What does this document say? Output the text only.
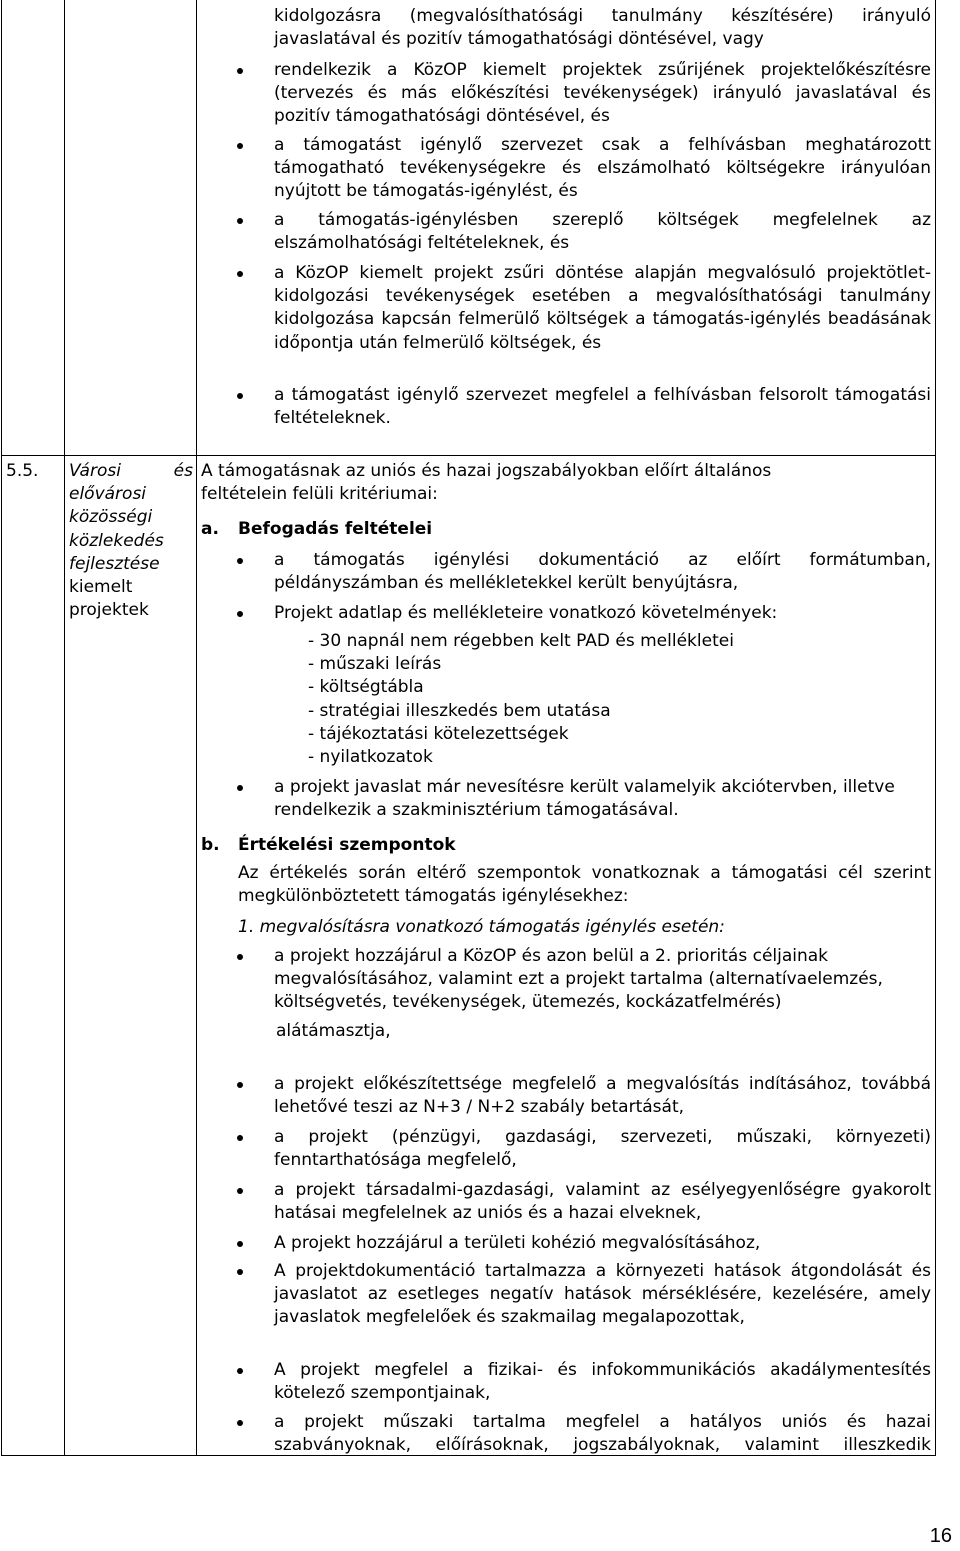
kidolgozásra (megvalósíthatósági tanulmány készítésére) irányuló

javaslatával és pozitív támogathatósági döntésével, vagy

rendelkezik a KözOP kiemelt projektek zsűrijének projektelőkészítésre (tervezés és más előkészítési tevékenységek) irányuló javaslatával és pozitív támogathatósági döntésével, és

a támogatást igénylő szervezet csak a felhívásban meghatározott támogatható tevékenységekre és elszámolható költségekre irányulóan nyújtott be támogatás-igénylést, és

a támogatás-igénylésben szereplő költségek megfelelnek az elszámolhatósági feltételeknek, és

a KözOP kiemelt projekt zsűri döntése alapján megvalósuló projektötlet-kidolgozási tevékenységek esetében a megvalósíthatósági tanulmány kidolgozása kapcsán felmerülő költségek a támogatás-igénylés beadásának időpontja után felmerülő költségek, és

a támogatást igénylő szervezet megfelel a felhívásban felsorolt támogatási feltételeknek.

5.5. Városi és
elővárosi
közösségi
közlekedés
fejlesztése
kiemelt
projektek

A támogatásnak az uniós és hazai jogszabályokban előírt általános feltételein felüli kritériumai:

a. Befogadás feltételei

a támogatás igénylési dokumentáció az előírt formátumban, példányszámban és mellékletekkel került benyújtásra,

Projekt adatlap és mellékleteire vonatkozó követelmények:

- 30 napnál nem régebben kelt PAD és mellékletei
- műszaki leírás
- költségtábla
- stratégiai illeszkedés bem utatása
- tájékoztatási kötelezettségek
- nyilatkozatok

a projekt javaslat már nevesítésre került valamelyik akciótervben, illetve rendelkezik a szakminisztérium támogatásával.

b. Értékelési szempontok

Az értékelés során eltérő szempontok vonatkoznak a támogatási cél szerint megkülönböztetett támogatás igénylésekhez:

1. megvalósításra vonatkozó támogatás igénylés esetén:

a projekt hozzájárul a KözOP és azon belül a 2. prioritás céljainak megvalósításához, valamint ezt a projekt tartalma (alternatívaelemzés, költségvetés, tevékenységek, ütemezés, kockázatfelmérés)

alátámasztja,

a projekt előkészítettsége megfelelő a megvalósítás indításához, továbbá lehetővé teszi az N+3 / N+2 szabály betartását,

a projekt (pénzügyi, gazdasági, szervezeti, műszaki, környezeti) fenntarthatósága megfelelő,

a projekt társadalmi-gazdasági, valamint az esélyegyenlőségre gyakorolt hatásai megfelelnek az uniós és a hazai elveknek,

A projekt hozzájárul a területi kohézió megvalósításához,

A projektdokumentáció tartalmazza a környezeti hatások átgondolását és javaslatot az esetleges negatív hatások mérséklésére, kezelésére, amely javaslatok megfelelőek és szakmailag megalapozottak,

A projekt megfelel a fizikai- és infokommunikációs akadálymentesítés kötelező szempontjainak,

a projekt műszaki tartalma megfelel a hatályos uniós és hazai szabványoknak, előírásoknak, jogszabályoknak, valamint illeszkedik

16
